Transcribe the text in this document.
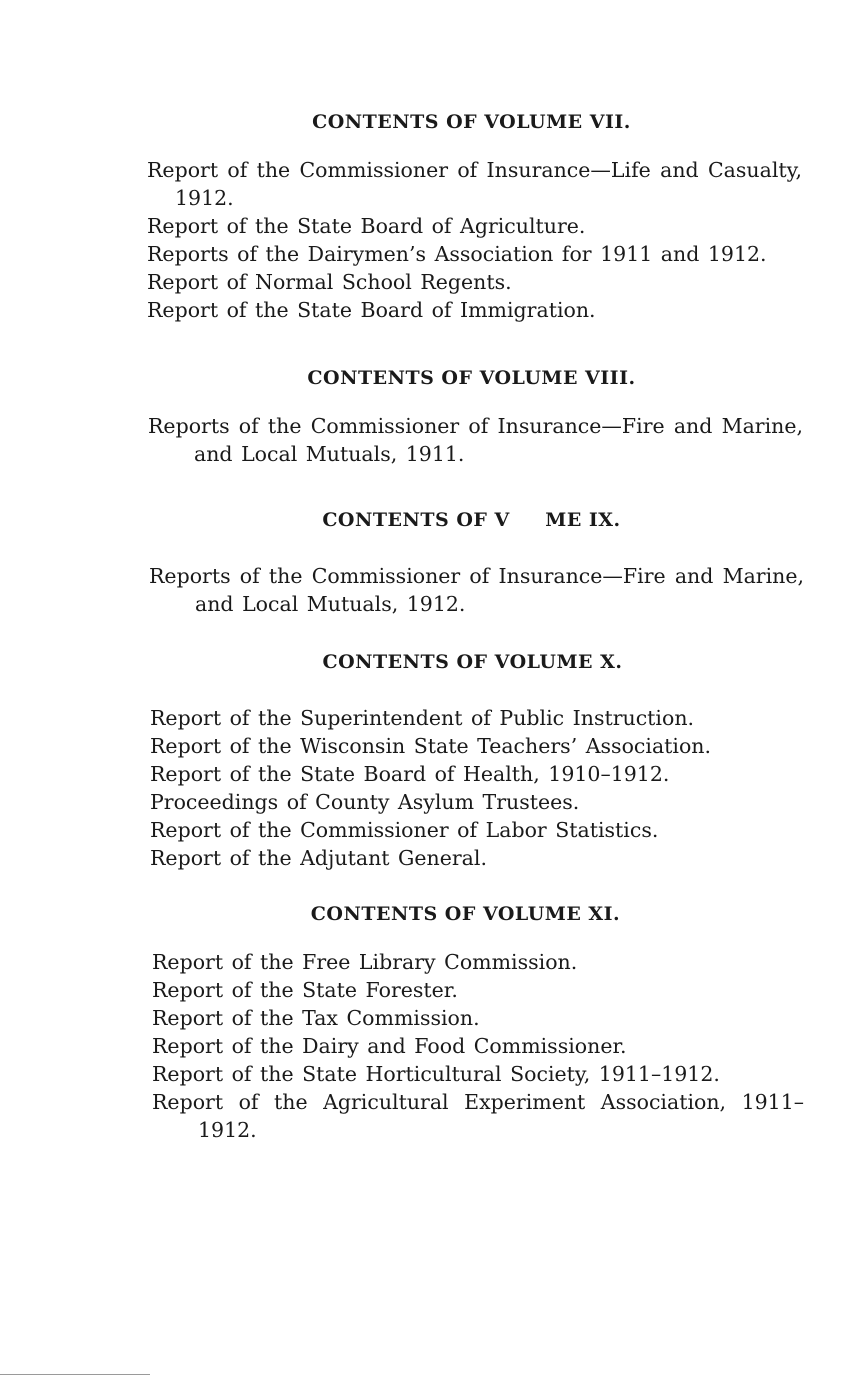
CONTENTS OF VOLUME VII.
Report of the Commissioner of Insurance—Life and Casualty, 1912.
Report of the State Board of Agriculture.
Reports of the Dairymen’s Association for 1911 and 1912.
Report of Normal School Regents.
Report of the State Board of Immigration.
CONTENTS OF VOLUME VIII.
Reports of the Commissioner of Insurance—Fire and Marine, and Local Mutuals, 1911.
CONTENTS OF V     ME IX.
Reports of the Commissioner of Insurance—Fire and Marine, and Local Mutuals, 1912.
CONTENTS OF VOLUME X.
Report of the Superintendent of Public Instruction.
Report of the Wisconsin State Teachers’ Association.
Report of the State Board of Health, 1910–1912.
Proceedings of County Asylum Trustees.
Report of the Commissioner of Labor Statistics.
Report of the Adjutant General.
CONTENTS OF VOLUME XI.
Report of the Free Library Commission.
Report of the State Forester.
Report of the Tax Commission.
Report of the Dairy and Food Commissioner.
Report of the State Horticultural Society, 1911–1912.
Report of the Agricultural Experiment Association, 1911–1912.
